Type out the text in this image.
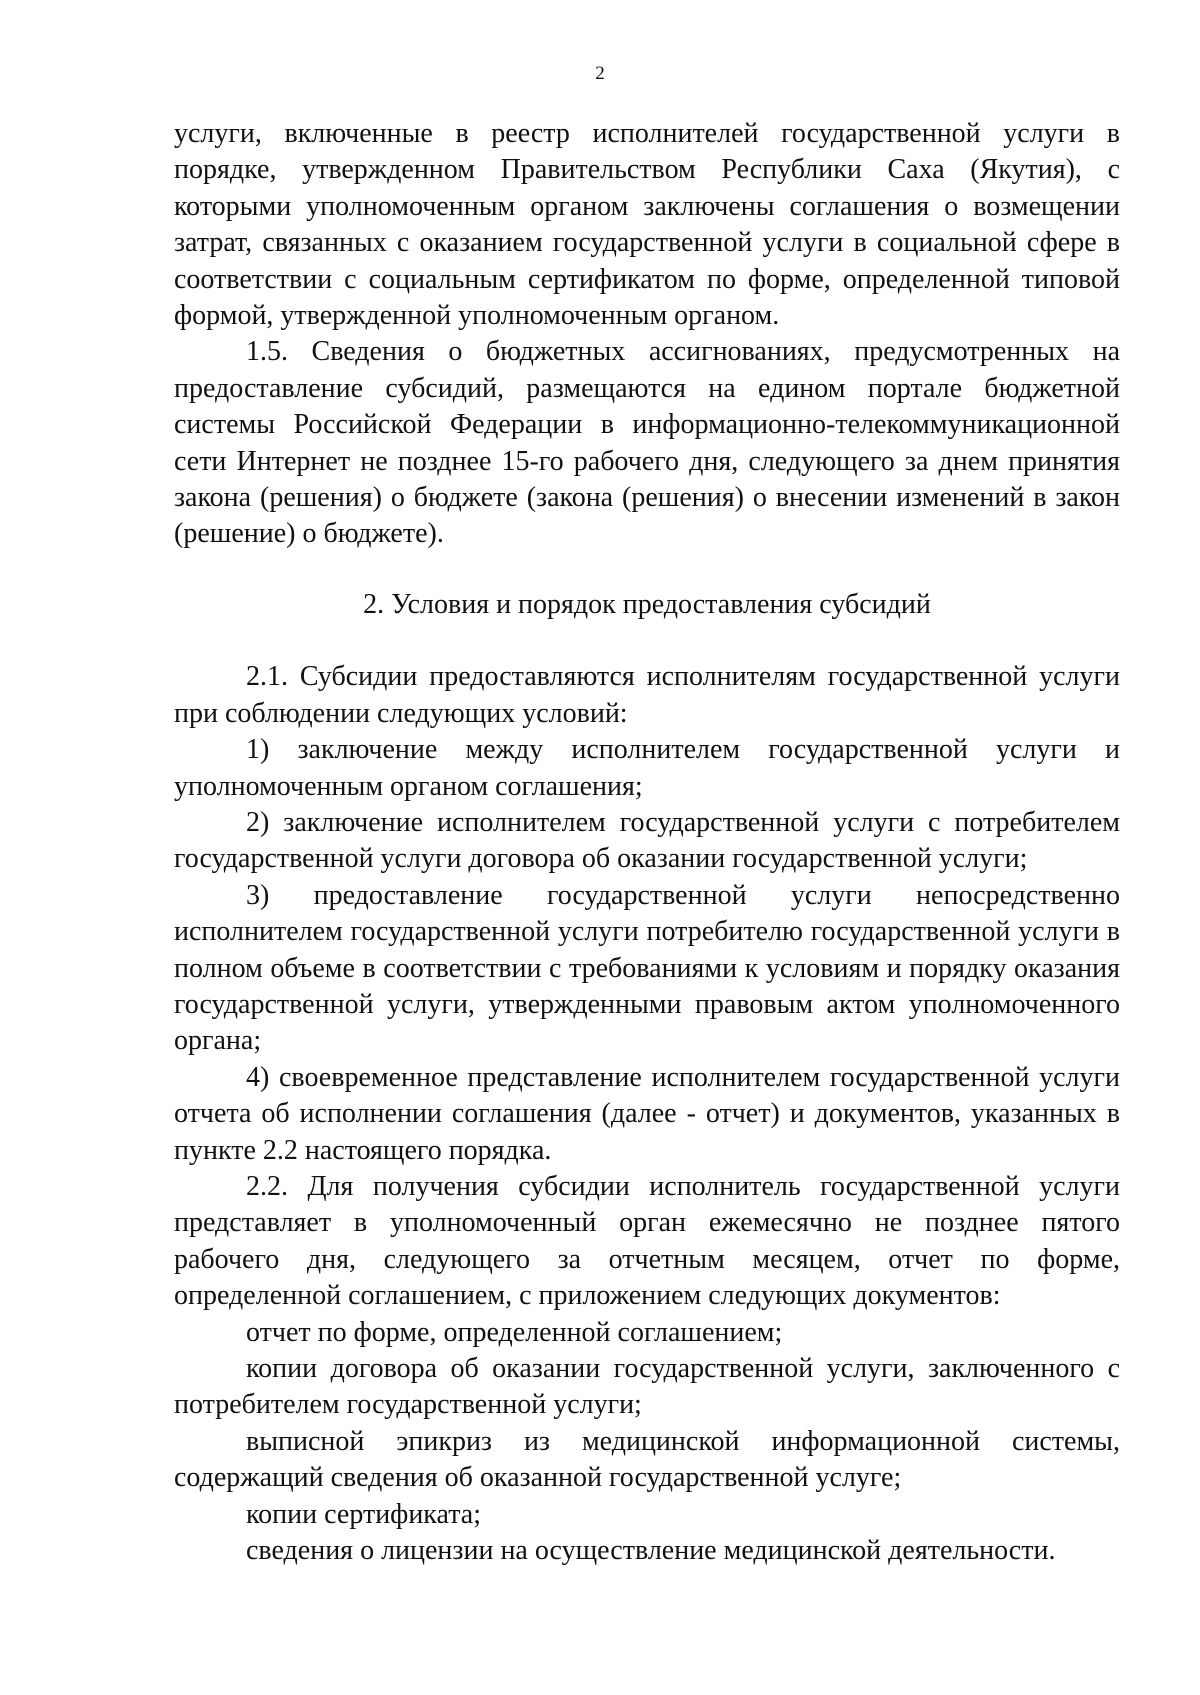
2

услуги, включенные в реестр исполнителей государственной услуги в порядке, утвержденном Правительством Республики Саха (Якутия), с которыми уполномоченным органом заключены соглашения о возмещении затрат, связанных с оказанием государственной услуги в социальной сфере в соответствии с социальным сертификатом по форме, определенной типовой формой, утвержденной уполномоченным органом.

1.5. Сведения о бюджетных ассигнованиях, предусмотренных на предоставление субсидий, размещаются на едином портале бюджетной системы Российской Федерации в информационно-телекоммуникационной сети Интернет не позднее 15-го рабочего дня, следующего за днем принятия закона (решения) о бюджете (закона (решения) о внесении изменений в закон (решение) о бюджете).

2. Условия и порядок предоставления субсидий

2.1. Субсидии предоставляются исполнителям государственной услуги при соблюдении следующих условий:

1) заключение между исполнителем государственной услуги и уполномоченным органом соглашения;

2) заключение исполнителем государственной услуги с потребителем государственной услуги договора об оказании государственной услуги;

3) предоставление государственной услуги непосредственно исполнителем государственной услуги потребителю государственной услуги в полном объеме в соответствии с требованиями к условиям и порядку оказания государственной услуги, утвержденными правовым актом уполномоченного органа;

4) своевременное представление исполнителем государственной услуги отчета об исполнении соглашения (далее - отчет) и документов, указанных в пункте 2.2 настоящего порядка.

2.2. Для получения субсидии исполнитель государственной услуги представляет в уполномоченный орган ежемесячно не позднее пятого рабочего дня, следующего за отчетным месяцем, отчет по форме, определенной соглашением, с приложением следующих документов:

отчет по форме, определенной соглашением;

копии договора об оказании государственной услуги, заключенного с потребителем государственной услуги;

выписной эпикриз из медицинской информационной системы, содержащий сведения об оказанной государственной услуге;

копии сертификата;

сведения о лицензии на осуществление медицинской деятельности.
